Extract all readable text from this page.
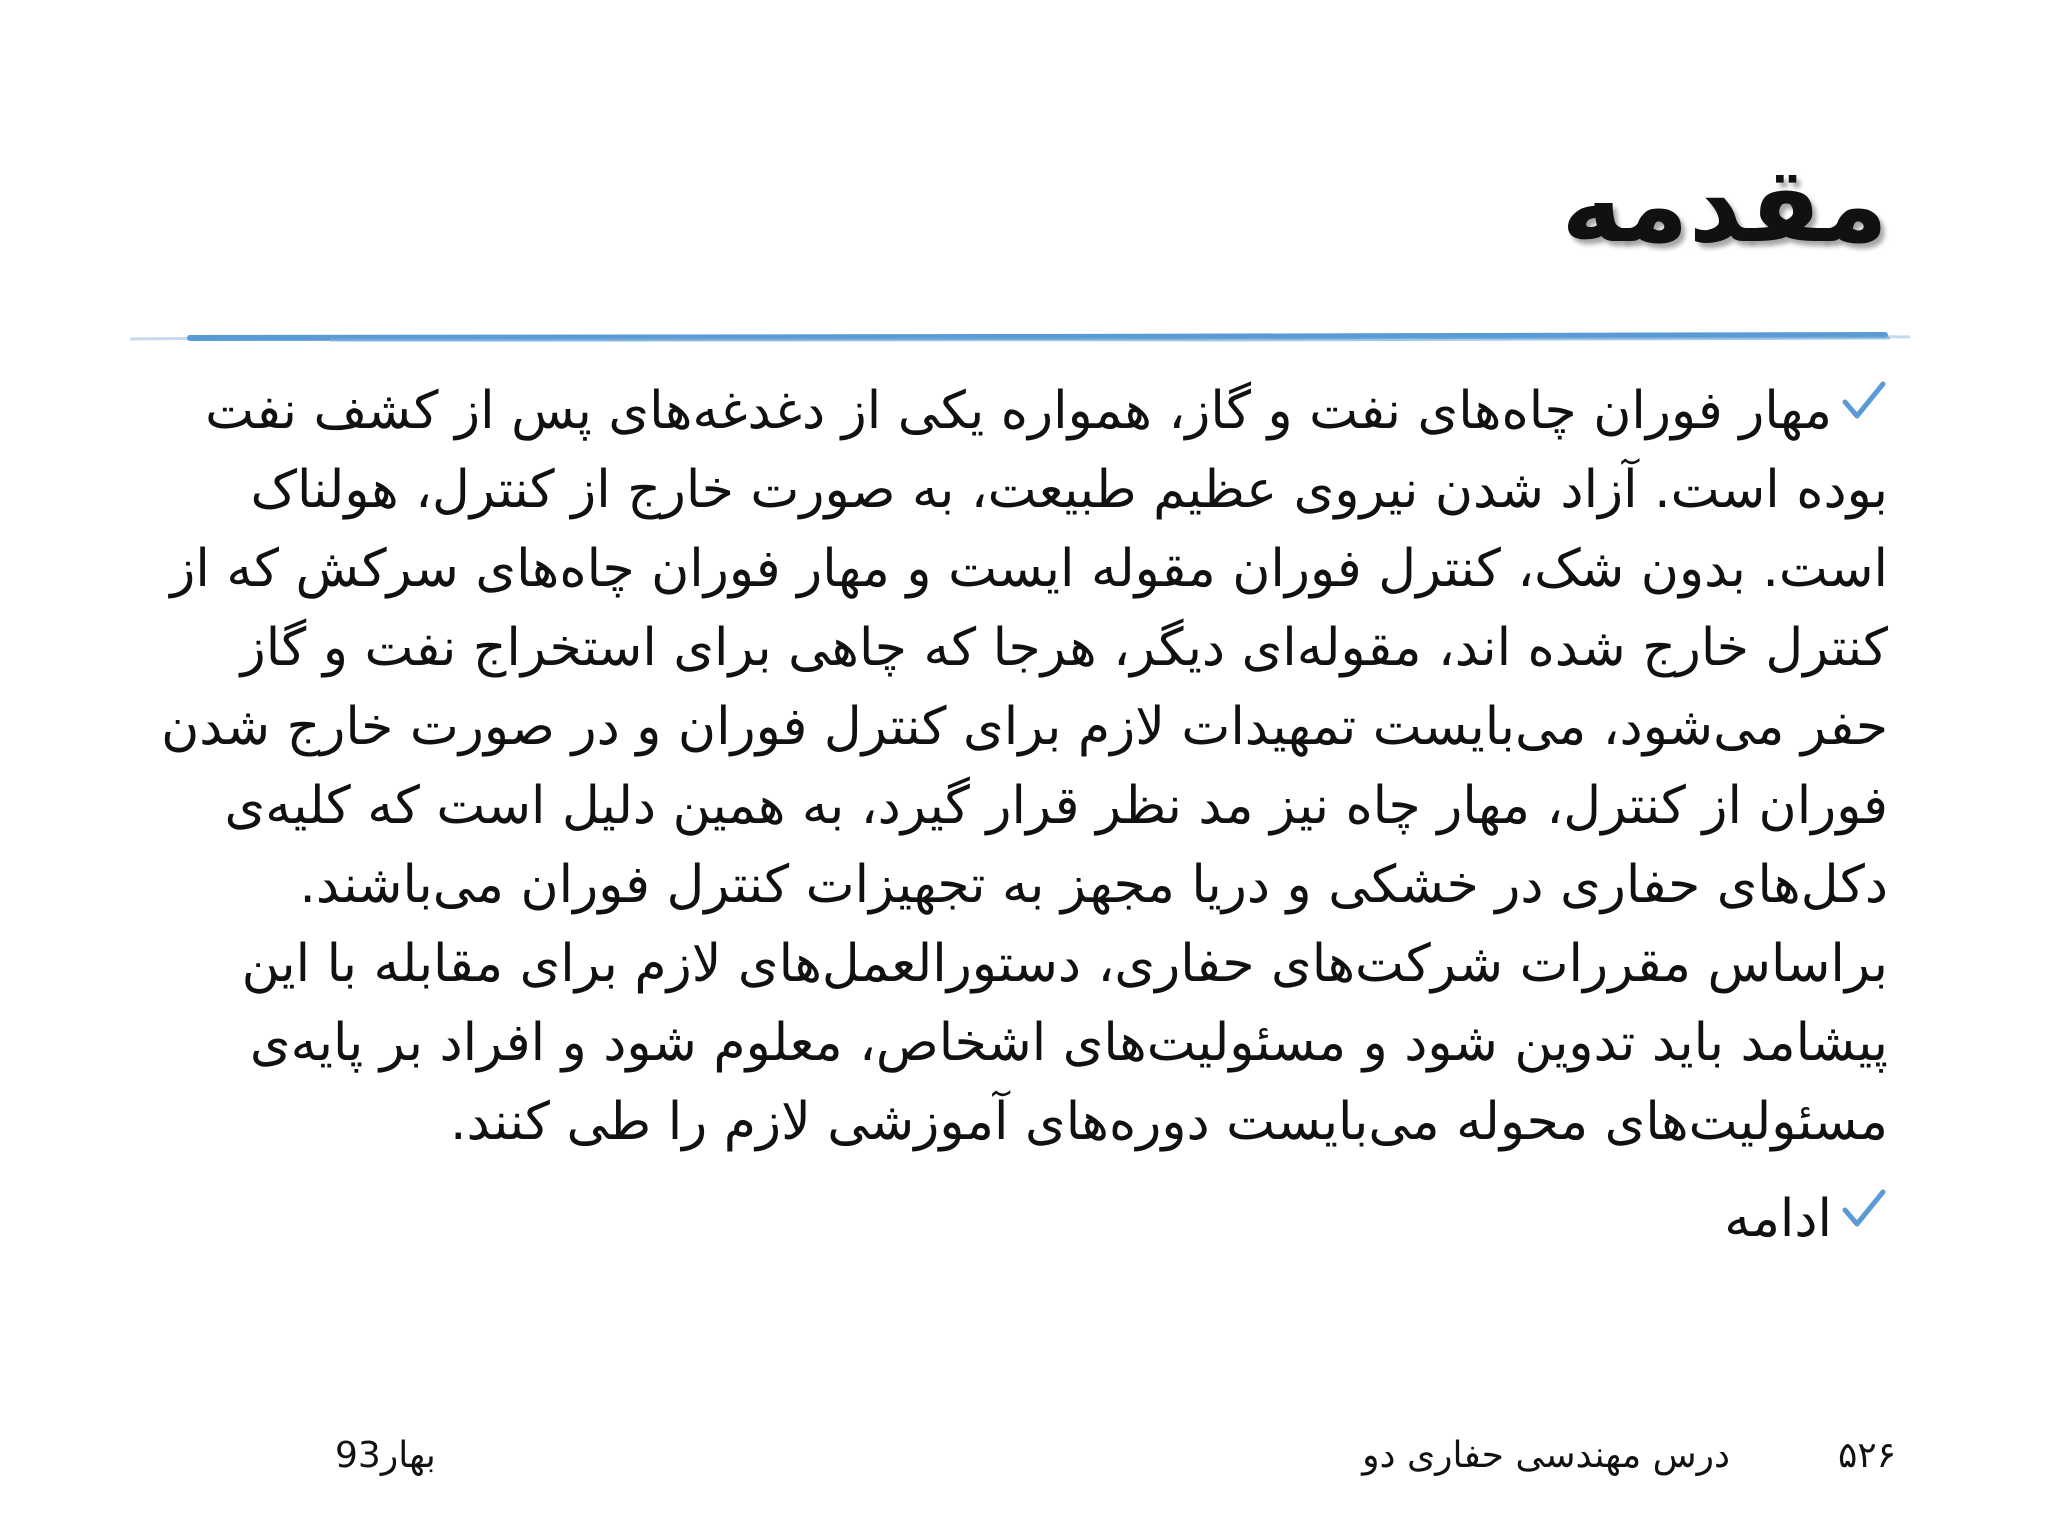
مقدمه
مهار فوران چاه‌های نفت و گاز، همواره یکی از دغدغه‌های پس از کشف نفت بوده است. آزاد شدن نیروی عظیم طبیعت، به صورت خارج از کنترل، هولناک است. بدون شک، کنترل فوران مقوله ایست و مهار فوران چاه‌های سرکش که از کنترل خارج شده اند، مقوله‌ای دیگر، هرجا که چاهی برای استخراج نفت و گاز حفر می‌شود، می‌بایست تمهیدات لازم برای کنترل فوران و در صورت خارج شدن فوران از کنترل، مهار چاه نیز مد نظر قرار گیرد، به همین دلیل است که کلیه‌ی دکل‌های حفاری در خشکی و دریا مجهز به تجهیزات کنترل فوران می‌باشند. براساس مقررات شرکت‌های حفاری، دستورالعمل‌های لازم برای مقابله با این پیشامد باید تدوین شود و مسئولیت‌های اشخاص، معلوم شود و افراد بر پایه‌ی مسئولیت‌های محوله می‌بایست دوره‌های آموزشی لازم را طی کنند.
ادامه
۵۲۶
درس مهندسی حفاری دو
بهار93
